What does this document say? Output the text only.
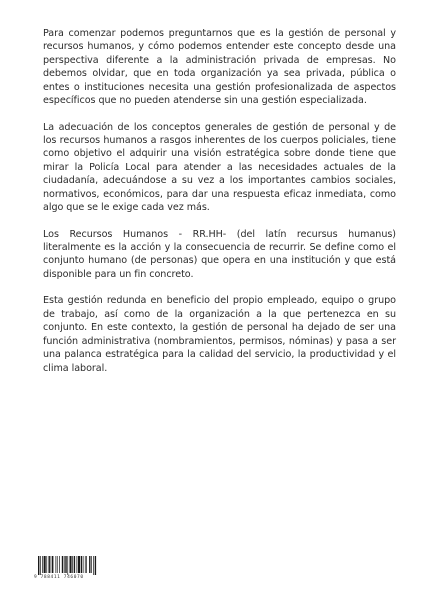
Para comenzar podemos preguntarnos que es la gestión de personal y recursos humanos, y cómo podemos entender este concepto desde una perspectiva diferente a la administración privada de empresas. No debemos olvidar, que en toda organización ya sea privada, pública o entes o instituciones necesita una gestión profesionalizada de aspectos específicos que no pueden atenderse sin una gestión especializada.

La adecuación de los conceptos generales de gestión de personal y de los recursos humanos a rasgos inherentes de los cuerpos policiales, tiene como objetivo el adquirir una visión estratégica sobre donde tiene que mirar la Policía Local para atender a las necesidades actuales de la ciudadanía, adecuándose a su vez a los importantes cambios sociales, normativos, económicos, para dar una respuesta eficaz inmediata, como algo que se le exige cada vez más.

Los Recursos Humanos - RR.HH- (del latín recursus humanus) literalmente es la acción y la consecuencia de recurrir. Se define como el conjunto humano (de personas) que opera en una institución y que está disponible para un fin concreto.

Esta gestión redunda en beneficio del propio empleado, equipo o grupo de trabajo, así como de la organización a la que pertenezca en su conjunto. En este contexto, la gestión de personal ha dejado de ser una función administrativa (nombramientos, permisos, nóminas) y pasa a ser una palanca estratégica para la calidad del servicio, la productividad y el clima laboral.

9 788411 746070
